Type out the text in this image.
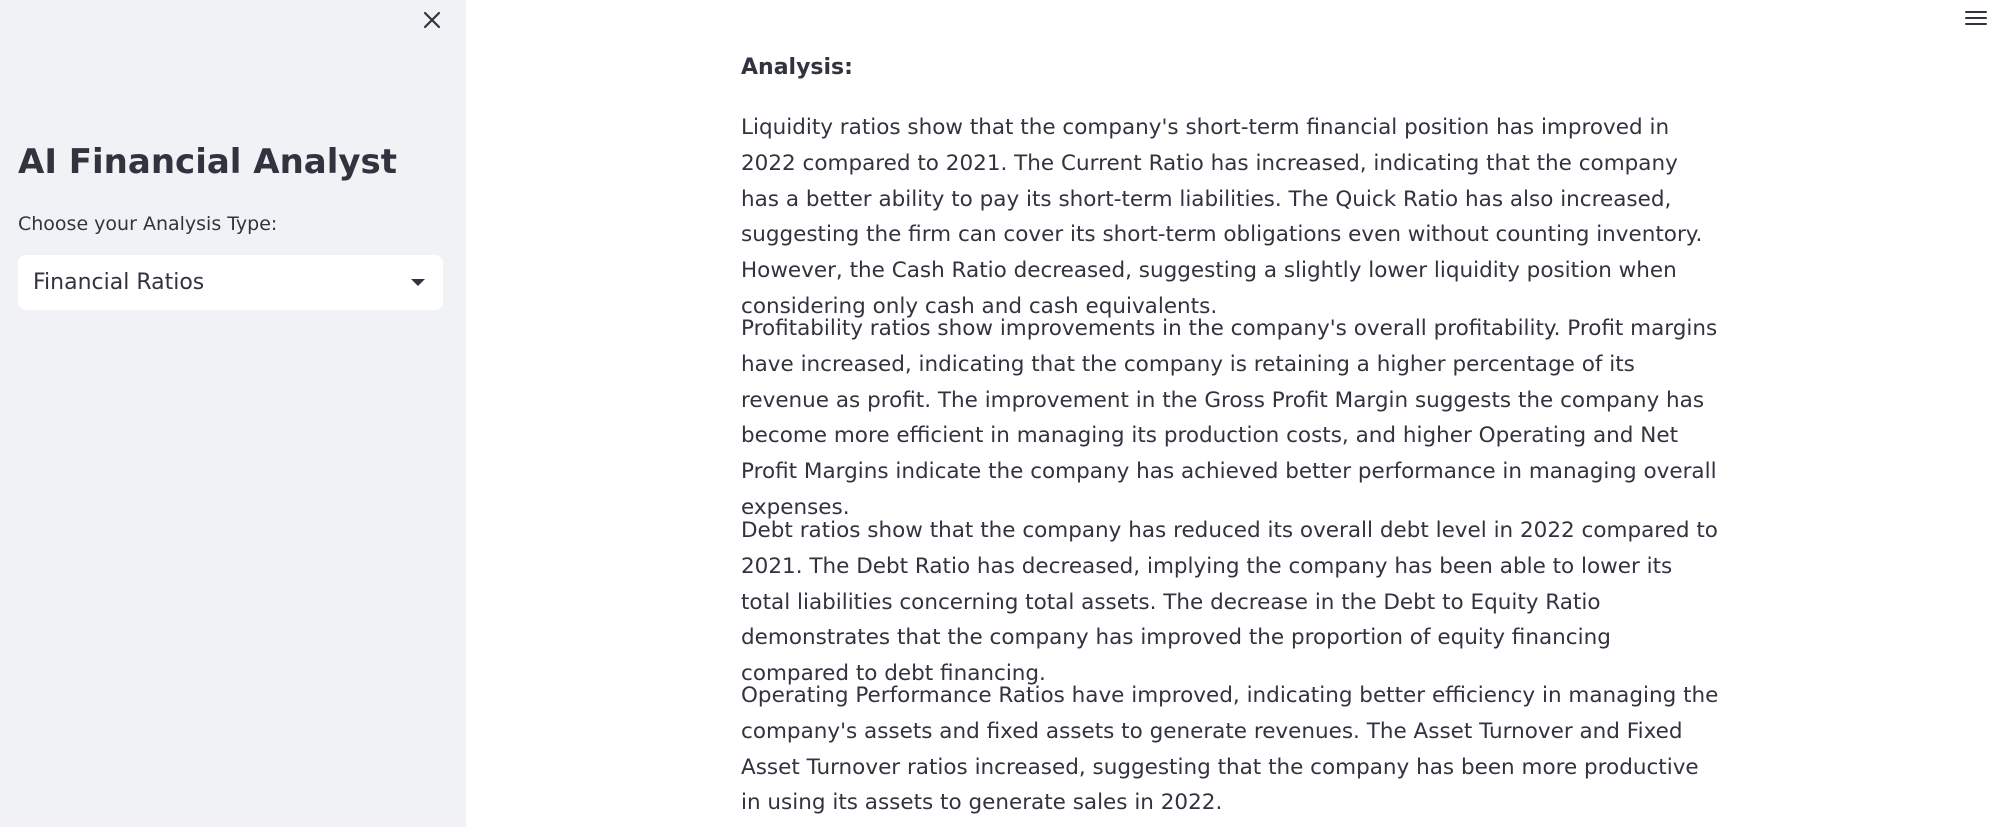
AI Financial Analyst
Choose your Analysis Type:
Financial Ratios
Analysis:

Liquidity ratios show that the company's short-term financial position has improved in 2022 compared to 2021. The Current Ratio has increased, indicating that the company has a better ability to pay its short-term liabilities. The Quick Ratio has also increased, suggesting the firm can cover its short-term obligations even without counting inventory. However, the Cash Ratio decreased, suggesting a slightly lower liquidity position when considering only cash and cash equivalents.

Profitability ratios show improvements in the company's overall profitability. Profit margins have increased, indicating that the company is retaining a higher percentage of its revenue as profit. The improvement in the Gross Profit Margin suggests the company has become more efficient in managing its production costs, and higher Operating and Net Profit Margins indicate the company has achieved better performance in managing overall expenses.

Debt ratios show that the company has reduced its overall debt level in 2022 compared to 2021. The Debt Ratio has decreased, implying the company has been able to lower its total liabilities concerning total assets. The decrease in the Debt to Equity Ratio demonstrates that the company has improved the proportion of equity financing compared to debt financing.

Operating Performance Ratios have improved, indicating better efficiency in managing the company's assets and fixed assets to generate revenues. The Asset Turnover and Fixed Asset Turnover ratios increased, suggesting that the company has been more productive in using its assets to generate sales in 2022.
